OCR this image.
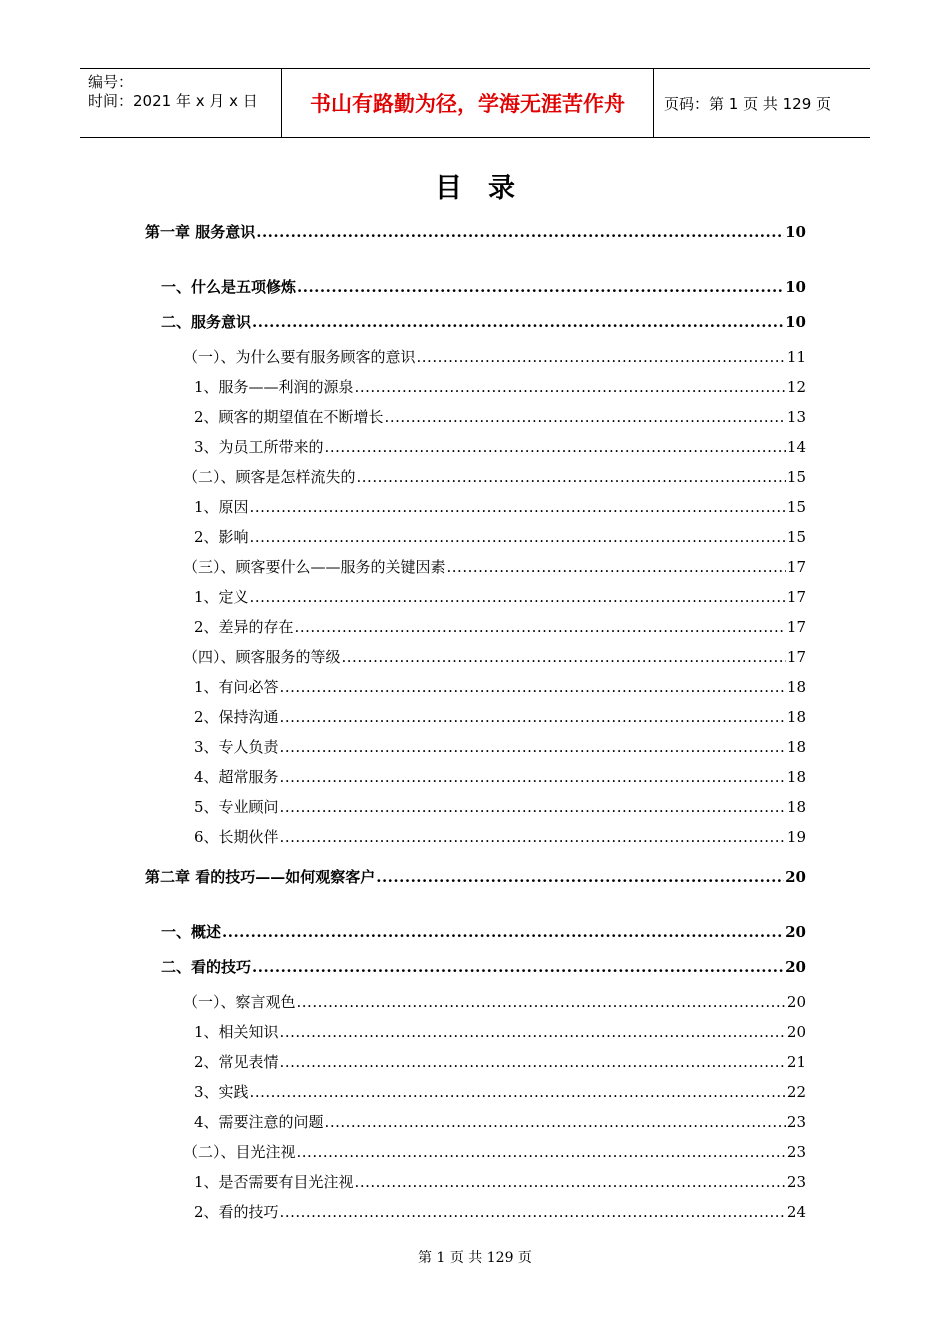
编号：
时间：2021 年 x 月 x 日	书山有路勤为径，学海无涯苦作舟	页码：第 1 页 共 129 页
目录
第一章 服务意识 .....	10
一、什么是五项修炼 .....	10
二、服务意识 .....	10
（一）、为什么要有服务顾客的意识 .....	11
1、服务——利润的源泉 .....	12
2、顾客的期望值在不断增长 .....	13
3、为员工所带来的 .....	14
（二）、顾客是怎样流失的 .....	15
1、原因 .....	15
2、影响 .....	15
（三）、顾客要什么——服务的关键因素 .....	17
1、定义 .....	17
2、差异的存在 .....	17
（四）、顾客服务的等级 .....	17
1、有问必答 .....	18
2、保持沟通 .....	18
3、专人负责 .....	18
4、超常服务 .....	18
5、专业顾问 .....	18
6、长期伙伴 .....	19
第二章 看的技巧——如何观察客户 .....	20
一、概述 .....	20
二、看的技巧 .....	20
（一）、察言观色 .....	20
1、相关知识 .....	20
2、常见表情 .....	21
3、实践 .....	22
4、需要注意的问题 .....	23
（二）、目光注视 .....	23
1、是否需要有目光注视 .....	23
2、看的技巧 .....	24
第 1 页 共 129 页
